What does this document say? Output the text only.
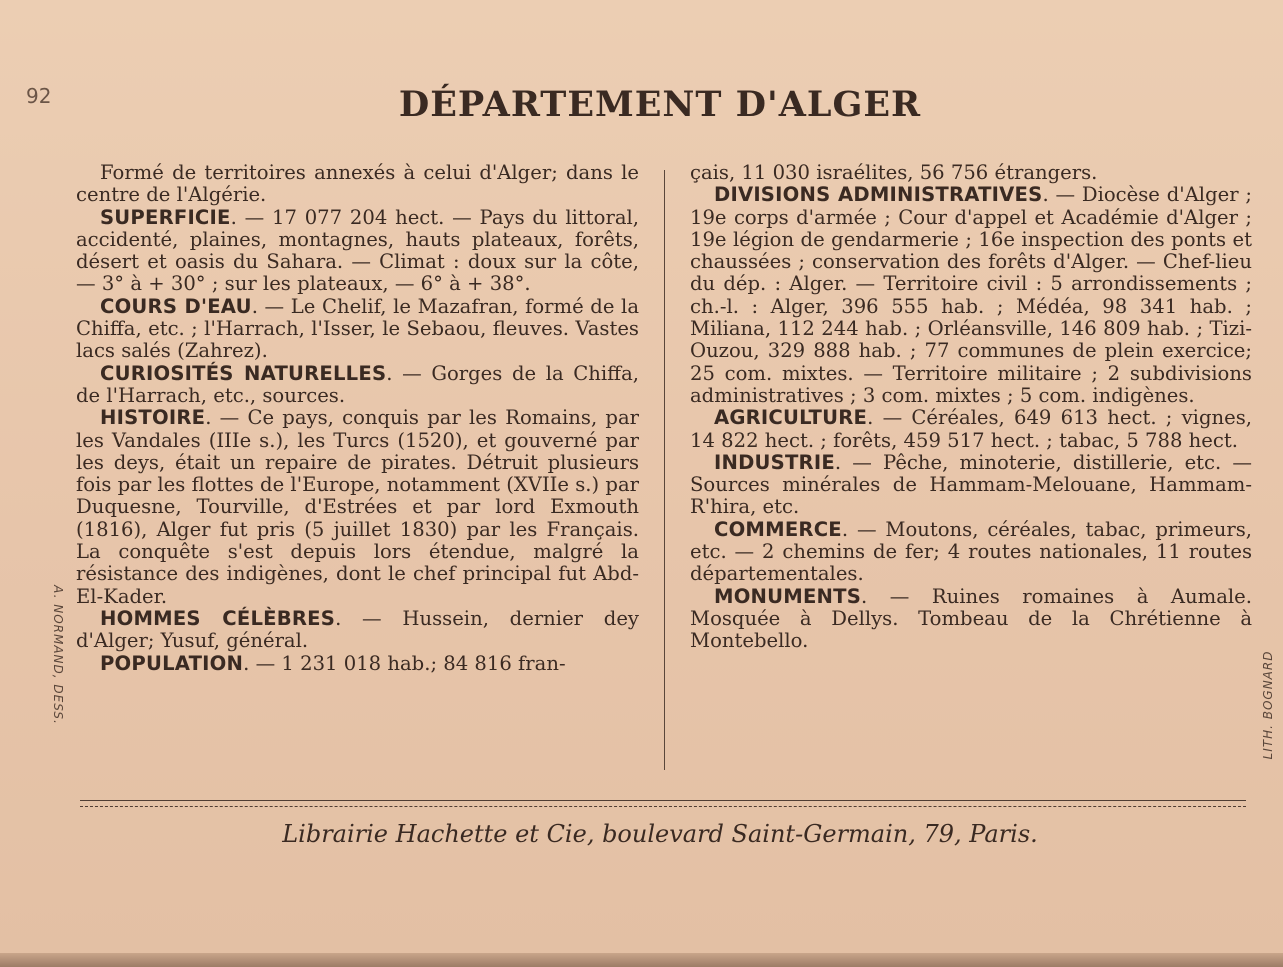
92	DÉPARTEMENT D'ALGER

Formé de territoires annexés à celui d'Alger; dans le centre de l'Algérie.

SUPERFICIE. — 17 077 204 hect. — Pays du littoral, accidenté, plaines, montagnes, hauts plateaux, forêts, désert et oasis du Sahara. — Climat : doux sur la côte, — 3° à + 30° ; sur les plateaux, — 6° à + 38°.

COURS D'EAU. — Le Chelif, le Mazafran, formé de la Chiffa, etc. ; l'Harrach, l'Isser, le Sebaou, fleuves. Vastes lacs salés (Zahrez).

CURIOSITÉS NATURELLES. — Gorges de la Chiffa, de l'Harrach, etc., sources.

HISTOIRE. — Ce pays, conquis par les Romains, par les Vandales (IIIe s.), les Turcs (1520), et gouverné par les deys, était un repaire de pirates. Détruit plusieurs fois par les flottes de l'Europe, notamment (XVIIe s.) par Duquesne, Tourville, d'Estrées et par lord Exmouth (1816), Alger fut pris (5 juillet 1830) par les Français. La conquête s'est depuis lors étendue, malgré la résistance des indigènes, dont le chef principal fut Abd-El-Kader.

HOMMES CÉLÈBRES. — Hussein, dernier dey d'Alger; Yusuf, général.

POPULATION. — 1 231 018 hab.; 84 816 fran-

çais, 11 030 israélites, 56 756 étrangers.

DIVISIONS ADMINISTRATIVES. — Diocèse d'Alger ; 19e corps d'armée ; Cour d'appel et Académie d'Alger ; 19e légion de gendarmerie ; 16e inspection des ponts et chaussées ; conservation des forêts d'Alger. — Chef-lieu du dép. : Alger. — Territoire civil : 5 arrondissements ; ch.-l. : Alger, 396 555 hab. ; Médéa, 98 341 hab. ; Miliana, 112 244 hab. ; Orléansville, 146 809 hab. ; Tizi-Ouzou, 329 888 hab. ; 77 communes de plein exercice; 25 com. mixtes. — Territoire militaire ; 2 subdivisions administratives ; 3 com. mixtes ; 5 com. indigènes.

AGRICULTURE. — Céréales, 649 613 hect. ; vignes, 14 822 hect. ; forêts, 459 517 hect. ; tabac, 5 788 hect.

INDUSTRIE. — Pêche, minoterie, distillerie, etc. — Sources minérales de Hammam-Melouane, Hammam-R'hira, etc.

COMMERCE. — Moutons, céréales, tabac, primeurs, etc. — 2 chemins de fer; 4 routes nationales, 11 routes départementales.

MONUMENTS. — Ruines romaines à Aumale. Mosquée à Dellys. Tombeau de la Chrétienne à Montebello.

A. NORMAND, DESS.	LITH. BOGNARD
Librairie Hachette et Cie, boulevard Saint-Germain, 79, Paris.
